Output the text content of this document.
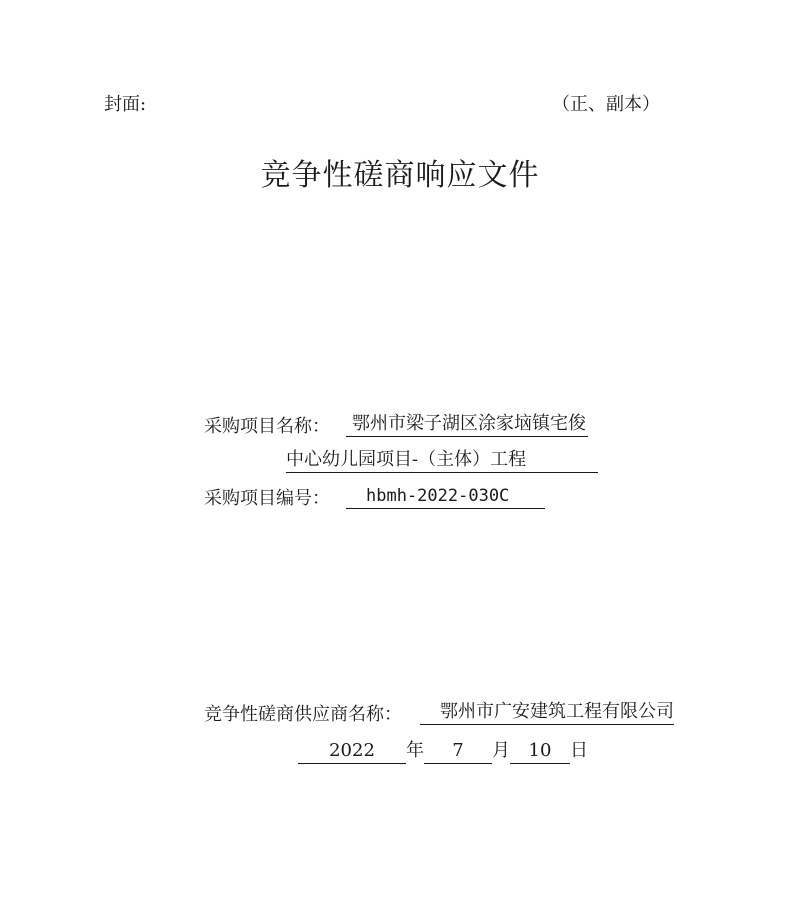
封面:	（正、副本）
竞争性磋商响应文件
采购项目名称：	鄂州市梁子湖区涂家垴镇宅俊
中心幼儿园项目-（主体）工程
采购项目编号：	hbmh-2022-030C
竞争性磋商供应商名称：	鄂州市广安建筑工程有限公司
2022 年 7 月 10 日
